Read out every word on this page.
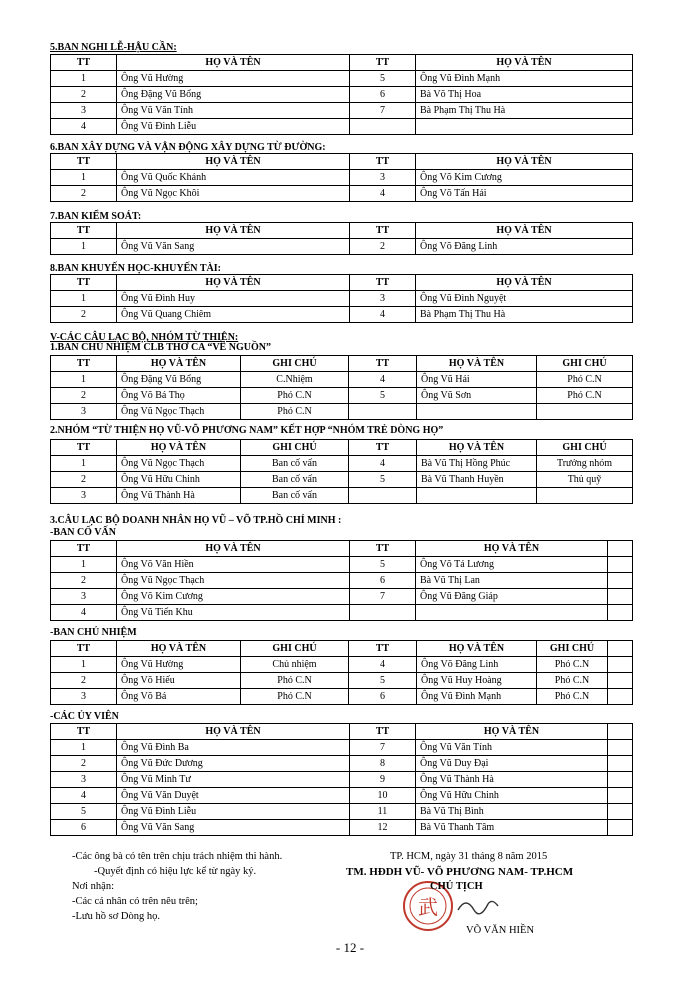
5.BAN NGHI LỄ-HẬU CẦN:
TT	HỌ VÀ TÊN	TT	HỌ VÀ TÊN
1	Ông Vũ Hường	5	Ông Vũ Đình Mạnh
2	Ông Đặng Vũ Bổng	6	Bà Võ Thị Hoa
3	Ông Vũ Văn Tính	7	Bà Phạm Thị Thu Hà
4	Ông Vũ Đình Liễu		
6.BAN XÂY DỰNG VÀ VẬN ĐỘNG XÂY DỰNG TỪ ĐƯỜNG:
TT	HỌ VÀ TÊN	TT	HỌ VÀ TÊN
1	Ông Vũ Quốc Khánh	3	Ông Võ Kim Cương
2	Ông Vũ Ngọc Khôi	4	Ông Võ Tấn Hải
7.BAN KIỂM SOÁT:
TT	HỌ VÀ TÊN	TT	HỌ VÀ TÊN
1	Ông Vũ Văn Sang	2	Ông Võ Đăng Linh
8.BAN KHUYẾN HỌC-KHUYẾN TÀI:
TT	HỌ VÀ TÊN	TT	HỌ VÀ TÊN
1	Ông Vũ Đình Huy	3	Ông Vũ Đình Nguyệt
2	Ông Vũ Quang Chiêm	4	Bà Phạm Thị Thu Hà
V-CÁC CÂU LẠC BỘ, NHÓM TỪ THIỆN:
1.BAN CHỦ NHIỆM CLB THƠ CA “VỀ NGUỒN”
TT	HỌ VÀ TÊN	GHI CHÚ	TT	HỌ VÀ TÊN	GHI CHÚ
1	Ông Đặng Vũ Bổng	C.Nhiệm	4	Ông Vũ Hải	Phó C.N
2	Ông Võ Bá Thọ	Phó C.N	5	Ông Vũ Sơn	Phó C.N
3	Ông Vũ Ngọc Thạch	Phó C.N			
2.NHÓM “TỪ THIỆN HỌ VŨ-VÕ PHƯƠNG NAM” KẾT HỢP “NHÓM TRẺ DÒNG HỌ”
TT	HỌ VÀ TÊN	GHI CHÚ	TT	HỌ VÀ TÊN	GHI CHÚ
1	Ông Vũ Ngọc Thạch	Ban cố vấn	4	Bà Vũ Thị Hồng Phúc	Trưởng nhóm
2	Ông Vũ Hữu Chinh	Ban cố vấn	5	Bà Vũ Thanh Huyền	Thủ quỹ
3	Ông Vũ Thành Hà	Ban cố vấn			
3.CÂU LẠC BỘ DOANH NHÂN HỌ VŨ – VÕ TP.HỒ CHÍ MINH :
-BAN CỐ VẤN
TT	HỌ VÀ TÊN	TT	HỌ VÀ TÊN	
1	Ông Võ Văn Hiền	5	Ông Võ Tá Lương	
2	Ông Vũ Ngọc Thạch	6	Bà Vũ Thị Lan	
3	Ông Võ Kim Cương	7	Ông Vũ Đăng Giáp	
4	Ông Vũ Tiến Khu			
-BAN CHỦ NHIỆM
TT	HỌ VÀ TÊN	GHI CHÚ	TT	HỌ VÀ TÊN	GHI CHÚ	
1	Ông Vũ Hường	Chủ nhiệm	4	Ông Võ Đăng Linh	Phó C.N	
2	Ông Võ Hiếu	Phó C.N	5	Ông Vũ Huy Hoàng	Phó C.N	
3	Ông Võ Bá	Phó C.N	6	Ông Vũ Đình Mạnh	Phó C.N	
-CÁC ỦY VIÊN
TT	HỌ VÀ TÊN	TT	HỌ VÀ TÊN	
1	Ông Vũ Đình Ba	7	Ông Vũ Văn Tính	
2	Ông Vũ Đức Dương	8	Ông Vũ Duy Đại	
3	Ông Vũ Minh Tư	9	Ông Vũ Thành Hà	
4	Ông Vũ Văn Duyệt	10	Ông Vũ Hữu Chinh	
5	Ông Vũ Đình Liễu	11	Bà Vũ Thị Bình	
6	Ông Vũ Văn Sang	12	Bà Vũ Thanh Tâm	
-Các ông bà có tên trên chịu trách nhiệm thi hành.
-Quyết định có hiệu lực kể từ ngày ký.
Nơi nhận:
-Các cá nhân có trên nêu trên;
-Lưu hồ sơ Dòng họ.
TP. HCM, ngày 31 tháng 8 năm 2015
TM. HĐDH VŨ- VÕ PHƯƠNG NAM- TP.HCM
武
CHỦ TỊCH
VÕ VĂN HIỀN
- 12 -
